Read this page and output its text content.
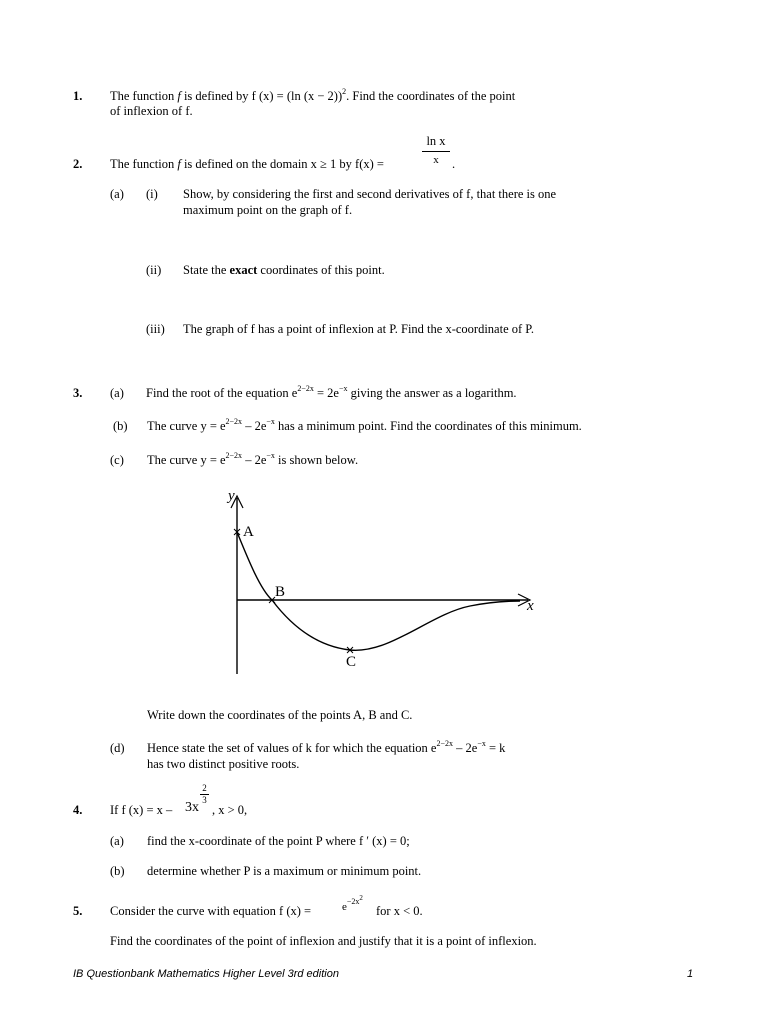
1. The function f is defined by f (x) = (ln (x − 2))$^2$. Find the coordinates of the point
of inflexion of f.
ln x
x
2. The function f is defined on the domain x ≥ 1 by f(x) =	.
(a) (i) Show, by considering the first and second derivatives of f, that there is one
maximum point on the graph of f.
(ii) State the exact coordinates of this point.
(iii) The graph of f has a point of inflexion at P. Find the x-coordinate of P.
3. (a) Find the root of the equation $e^{2-2x} = 2e^{-x}$ giving the answer as a logarithm.
(b) The curve $y = e^{2-2x} - 2e^{-x}$ has a minimum point. Find the coordinates of this minimum.
(c) The curve $y = e^{2-2x} - 2e^{-x}$ is shown below.
y
x
A
B
C
Write down the coordinates of the points A, B and C.
(d) Hence state the set of values of k for which the equation $e^{2-2x} - 2e^{-x} = k$
has two distinct positive roots.
4. If f (x) = x – 3x
2
3
, x > 0,
(a) find the x-coordinate of the point P where f ′ (x) = 0;
(b) determine whether P is a maximum or minimum point.
5. Consider the curve with equation f (x) =	$e^{-2x2}$
for x < 0.
Find the coordinates of the point of inflexion and justify that it is a point of inflexion.
IB Questionbank Mathematics Higher Level 3rd edition	1
